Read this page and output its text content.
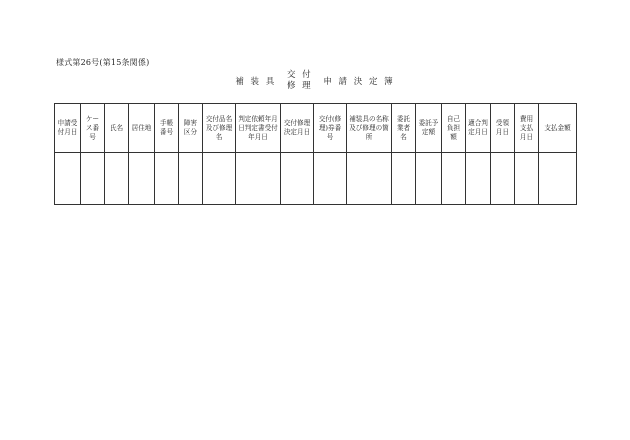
様式第26号(第15条関係)
補 装 具
交 付
修 理 申 請 決 定 簿
申請受付月日	ケース番号	氏名	居住地	手帳番号	障害区分	交付品名及び修理名	判定依頼年月日判定書受付年月日	交付修理決定月日	交付(修理)券番号	補装具の名称及び修理の箇所	委託業者名	委託予定額	自己負担額	適合判定月日	受領月日	費用支払月日	支払金額
